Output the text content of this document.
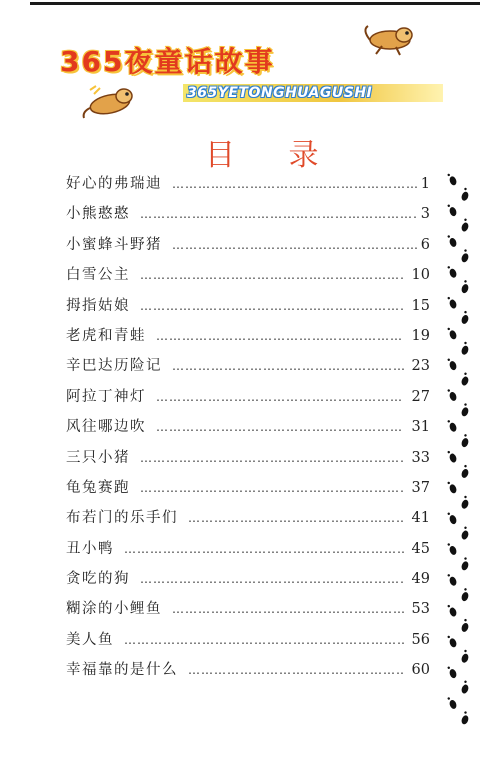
365夜童话故事
365YETONGHUAGUSHI
目 录
好心的弗瑞迪 …………………………………………………………………………………………………………	1
小熊憨憨 …………………………………………………………………………………………………………	3
小蜜蜂斗野猪 …………………………………………………………………………………………………………	6
白雪公主 …………………………………………………………………………………………………………	10
拇指姑娘 …………………………………………………………………………………………………………	15
老虎和青蛙 …………………………………………………………………………………………………………	19
辛巴达历险记 …………………………………………………………………………………………………………	23
阿拉丁神灯 …………………………………………………………………………………………………………	27
风往哪边吹 …………………………………………………………………………………………………………	31
三只小猪 …………………………………………………………………………………………………………	33
龟兔赛跑 …………………………………………………………………………………………………………	37
布若门的乐手们 …………………………………………………………………………………………………………	41
丑小鸭 …………………………………………………………………………………………………………	45
贪吃的狗 …………………………………………………………………………………………………………	49
糊涂的小鲤鱼 …………………………………………………………………………………………………………	53
美人鱼 …………………………………………………………………………………………………………	56
幸福靠的是什么 …………………………………………………………………………………………………………	60
